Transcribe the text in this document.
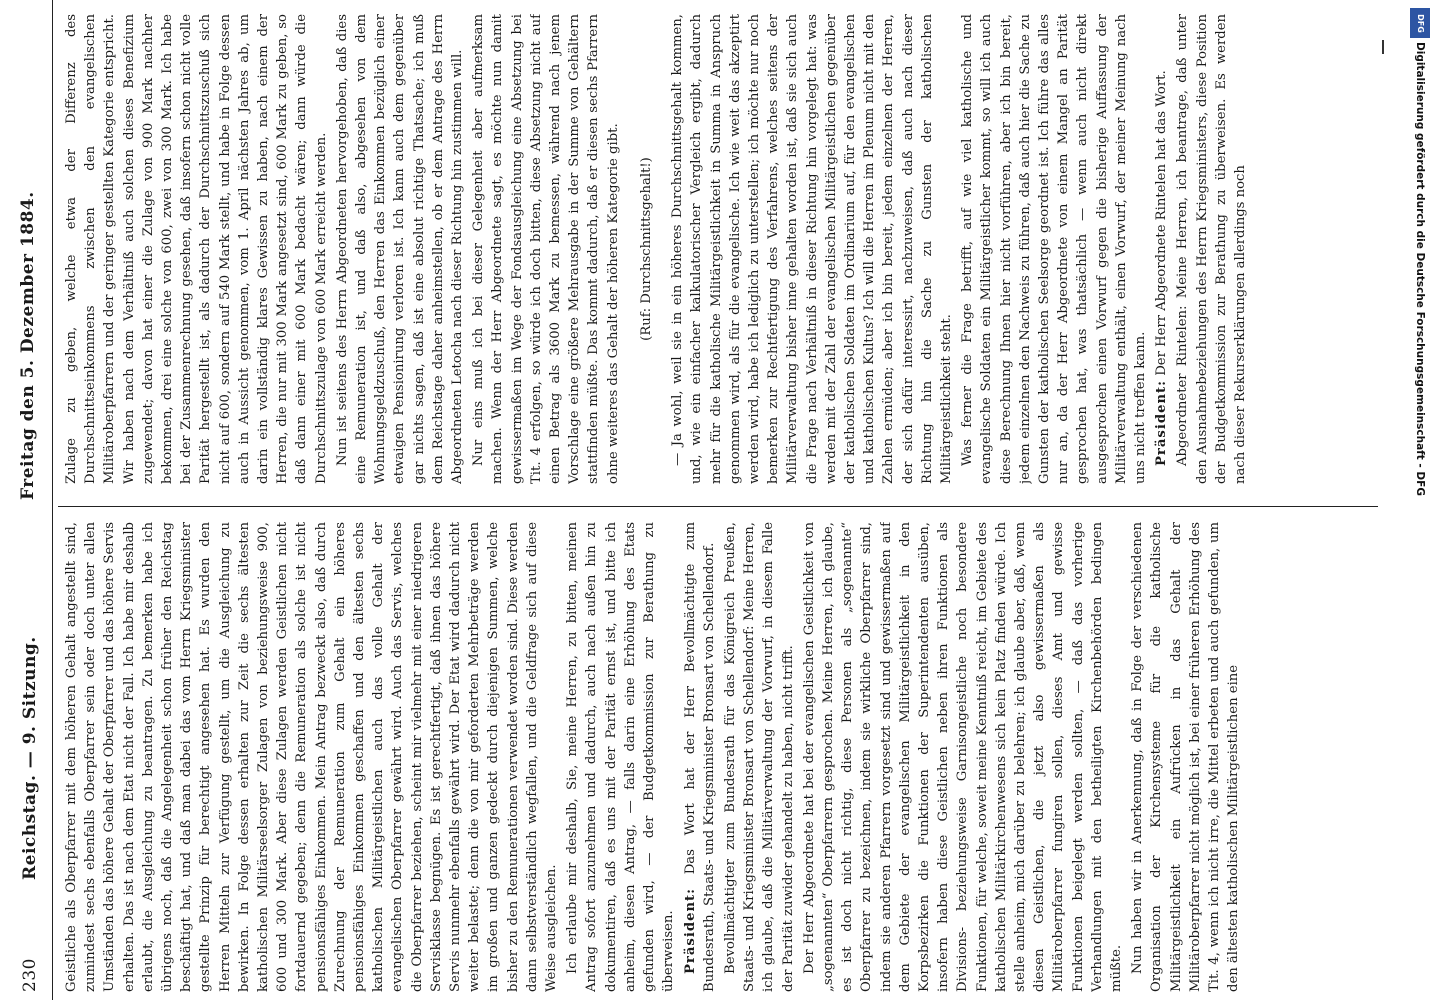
230
Reichstag. — 9. Sitzung.
Freitag den 5. Dezember 1884.

Geistliche als Oberpfarrer mit dem höheren Gehalt angestellt sind, zumindest sechs ebenfalls Oberpfarrer sein oder doch unter allen Umständen das höhere Gehalt der Oberpfarrer und das höhere Servis erhalten. Das ist nach dem Etat nicht der Fall. Ich habe mir deshalb erlaubt, die Ausgleichung zu beantragen. Zu bemerken habe ich übrigens noch, daß die Angelegenheit schon früher den Reichstag beschäftigt hat, und daß man dabei das vom Herrn Kriegsminister gestellte Prinzip für berechtigt angesehen hat. Es wurden den Herren Mitteln zur Verfügung gestellt, um die Ausgleichung zu bewirken. In Folge dessen erhalten zur Zeit die sechs ältesten katholischen Militärseelsorger Zulagen von beziehungsweise 900, 600 und 300 Mark. Aber diese Zulagen werden Geistlichen nicht fortdauernd gegeben; denn die Remuneration als solche ist nicht pensionsfähiges Einkommen. Mein Antrag bezweckt also, daß durch Zurechnung der Remuneration zum Gehalt ein höheres pensionsfähiges Einkommen geschaffen und den ältesten sechs katholischen Militärgeistlichen auch das volle Gehalt der evangelischen Oberpfarrer gewährt wird. Auch das Servis, welches die Oberpfarrer beziehen, scheint mir vielmehr mit einer niedrigeren Servisklasse begnügen. Es ist gerechtfertigt, daß ihnen das höhere Servis nunmehr ebenfalls gewährt wird. Der Etat wird dadurch nicht weiter belastet; denn die von mir geforderten Mehrbeträge werden im großen und ganzen gedeckt durch diejenigen Summen, welche bisher zu den Remunerationen verwendet worden sind. Diese werden dann selbstverständlich wegfallen, und die Geldfrage sich auf diese Weise ausgleichen. Ich erlaube mir deshalb, Sie, meine Herren, zu bitten, meinen Antrag sofort anzunehmen und dadurch, auch nach außen hin zu dokumentiren, daß es uns mit der Parität ernst ist, und bitte ich anheim, diesen Antrag, — falls darin eine Erhöhung des Etats gefunden wird, — der Budgetkommission zur Berathung zu überweisen. Präsident: Das Wort hat der Herr Bevollmächtigte zum Bundesrath, Staats- und Kriegsminister Bronsart von Schellendorf. Bevollmächtigter zum Bundesrath für das Königreich Preußen, Staats- und Kriegsminister Bronsart von Schellendorf: Meine Herren, ich glaube, daß die Militärverwaltung der Vorwurf, in diesem Falle der Parität zuwider gehandelt zu haben, nicht trifft. Der Herr Abgeordnete hat bei der evangelischen Geistlichkeit von „sogenannten“ Oberpfarrern gesprochen. Meine Herren, ich glaube, es ist doch nicht richtig, diese Personen als „sogenannte“ Oberpfarrer zu bezeichnen, indem sie wirkliche Oberpfarrer sind, indem sie anderen Pfarrern vorgesetzt sind und gewissermaßen auf dem Gebiete der evangelischen Militärgeistlichkeit in den Korpsbezirken die Funktionen der Superintendenten ausüben, insofern haben diese Geistlichen neben ihren Funktionen als Divisions- beziehungsweise Garnisongeistliche noch besondere Funktionen, für welche, soweit meine Kenntniß reicht, im Gebiete des katholischen Militärkirchenwesens sich kein Platz finden würde. Ich stelle anheim, mich darüber zu belehren; ich glaube aber, daß, wenn diesen Geistlichen, die jetzt also gewissermaßen als Militäroberpfarrer fungiren sollen, dieses Amt und gewisse Funktionen beigelegt werden sollten, — daß das vorherige Verhandlungen mit den betheiligten Kirchenbehörden bedingen müßte. Nun haben wir in Anerkennung, daß in Folge der verschiedenen Organisation der Kirchensysteme für die katholische Militärgeistlichkeit ein Aufrücken in das Gehalt der Militäroberpfarrer nicht möglich ist, bei einer früheren Erhöhung des Tit. 4, wenn ich nicht irre, die Mittel erbeten und auch gefunden, um den ältesten katholischen Militärgeistlichen eine

Zulage zu geben, welche etwa der Differenz des Durchschnittseinkommens zwischen den evangelischen Militäroberpfarrern und der geringer gestellten Kategorie entspricht. Wir haben nach dem Verhältniß auch solchen dieses Benefizium zugewendet; davon hat einer die Zulage von 900 Mark nachher bekommen, drei eine solche von 600, zwei von 300 Mark. Ich habe bei der Zusammenrechnung gesehen, daß insofern schon nicht volle Parität hergestellt ist, als dadurch der Durchschnittszuschuß sich nicht auf 600, sondern auf 540 Mark stellt, und habe in Folge dessen auch in Aussicht genommen, vom 1. April nächsten Jahres ab, um darin ein vollständig klares Gewissen zu haben, nach einem der Herren, die nur mit 300 Mark angesetzt sind, 600 Mark zu geben, so daß dann einer mit 600 Mark bedacht wären; dann würde die Durchschnittszulage von 600 Mark erreicht werden. Nun ist seitens des Herrn Abgeordneten hervorgehoben, daß dies eine Remuneration ist, und daß also, abgesehen von dem Wohnungsgeldzuschuß, den Herren das Einkommen bezüglich einer etwaigen Pensionirung verloren ist. Ich kann auch dem gegenüber gar nichts sagen, daß ist eine absolut richtige Thatsache; ich muß dem Reichstage daher anheimstellen, ob er dem Antrage des Herrn Abgeordneten Letocha nach dieser Richtung hin zustimmen will. Nur eins muß ich bei dieser Gelegenheit aber aufmerksam machen. Wenn der Herr Abgeordnete sagt, es möchte nun damit gewissermaßen im Wege der Fondsausgleichung eine Absetzung bei Tit. 4 erfolgen, so würde ich doch bitten, diese Absetzung nicht auf einen Betrag als 3600 Mark zu bemessen, während nach jenem Vorschlage eine größere Mehrausgabe in der Summe von Gehältern stattfinden müßte. Das kommt dadurch, daß er diesen sechs Pfarrern ohne weiteres das Gehalt der höheren Kategorie gibt. (Ruf: Durchschnittsgehalt!) — Ja wohl, weil sie in ein höheres Durchschnittsgehalt kommen, und, wie ein einfacher kalkulatorischer Vergleich ergibt, dadurch mehr für die katholische Militärgeistlichkeit in Summa in Anspruch genommen wird, als für die evangelische. Ich wie weit das akzeptirt werden wird, habe ich lediglich zu unterstellen; ich möchte nur noch bemerken zur Rechtfertigung des Verfahrens, welches seitens der Militärverwaltung bisher inne gehalten worden ist, daß sie sich auch die Frage nach Verhältniß in dieser Richtung hin vorgelegt hat: was werden mit der Zahl der evangelischen Militärgeistlichen gegenüber der katholischen Soldaten im Ordinarium auf, für den evangelischen und katholischen Kultus? Ich will die Herren im Plenum nicht mit den Zahlen ermüden; aber ich bin bereit, jedem einzelnen der Herren, der sich dafür interessirt, nachzuweisen, daß auch nach dieser Richtung hin die Sache zu Gunsten der katholischen Militärgeistlichkeit steht. Was ferner die Frage betrifft, auf wie viel katholische und evangelische Soldaten ein Militärgeistlicher kommt, so will ich auch diese Berechnung Ihnen hier nicht vorführen, aber ich bin bereit, jedem einzelnen den Nachweis zu führen, daß auch hier die Sache zu Gunsten der katholischen Seelsorge geordnet ist. Ich führe das alles nur an, da der Herr Abgeordnete von einem Mangel an Parität gesprochen hat, was thatsächlich — wenn auch nicht direkt ausgesprochen einen Vorwurf gegen die bisherige Auffassung der Militärverwaltung enthält, einen Vorwurf, der meiner Meinung nach uns nicht treffen kann. Präsident: Der Herr Abgeordnete Rintelen hat das Wort. Abgeordneter Rintelen: Meine Herren, ich beantrage, daß unter den Ausnahmebeziehungen des Herrn Kriegsministers, diese Position der Budgetkommission zur Berathung zu überweisen. Es werden nach dieser Rekurserklärungen allerdings noch	Digitalisierung gefördert durch die Deutsche Forschungsgemeinschaft - DFG
DFG
